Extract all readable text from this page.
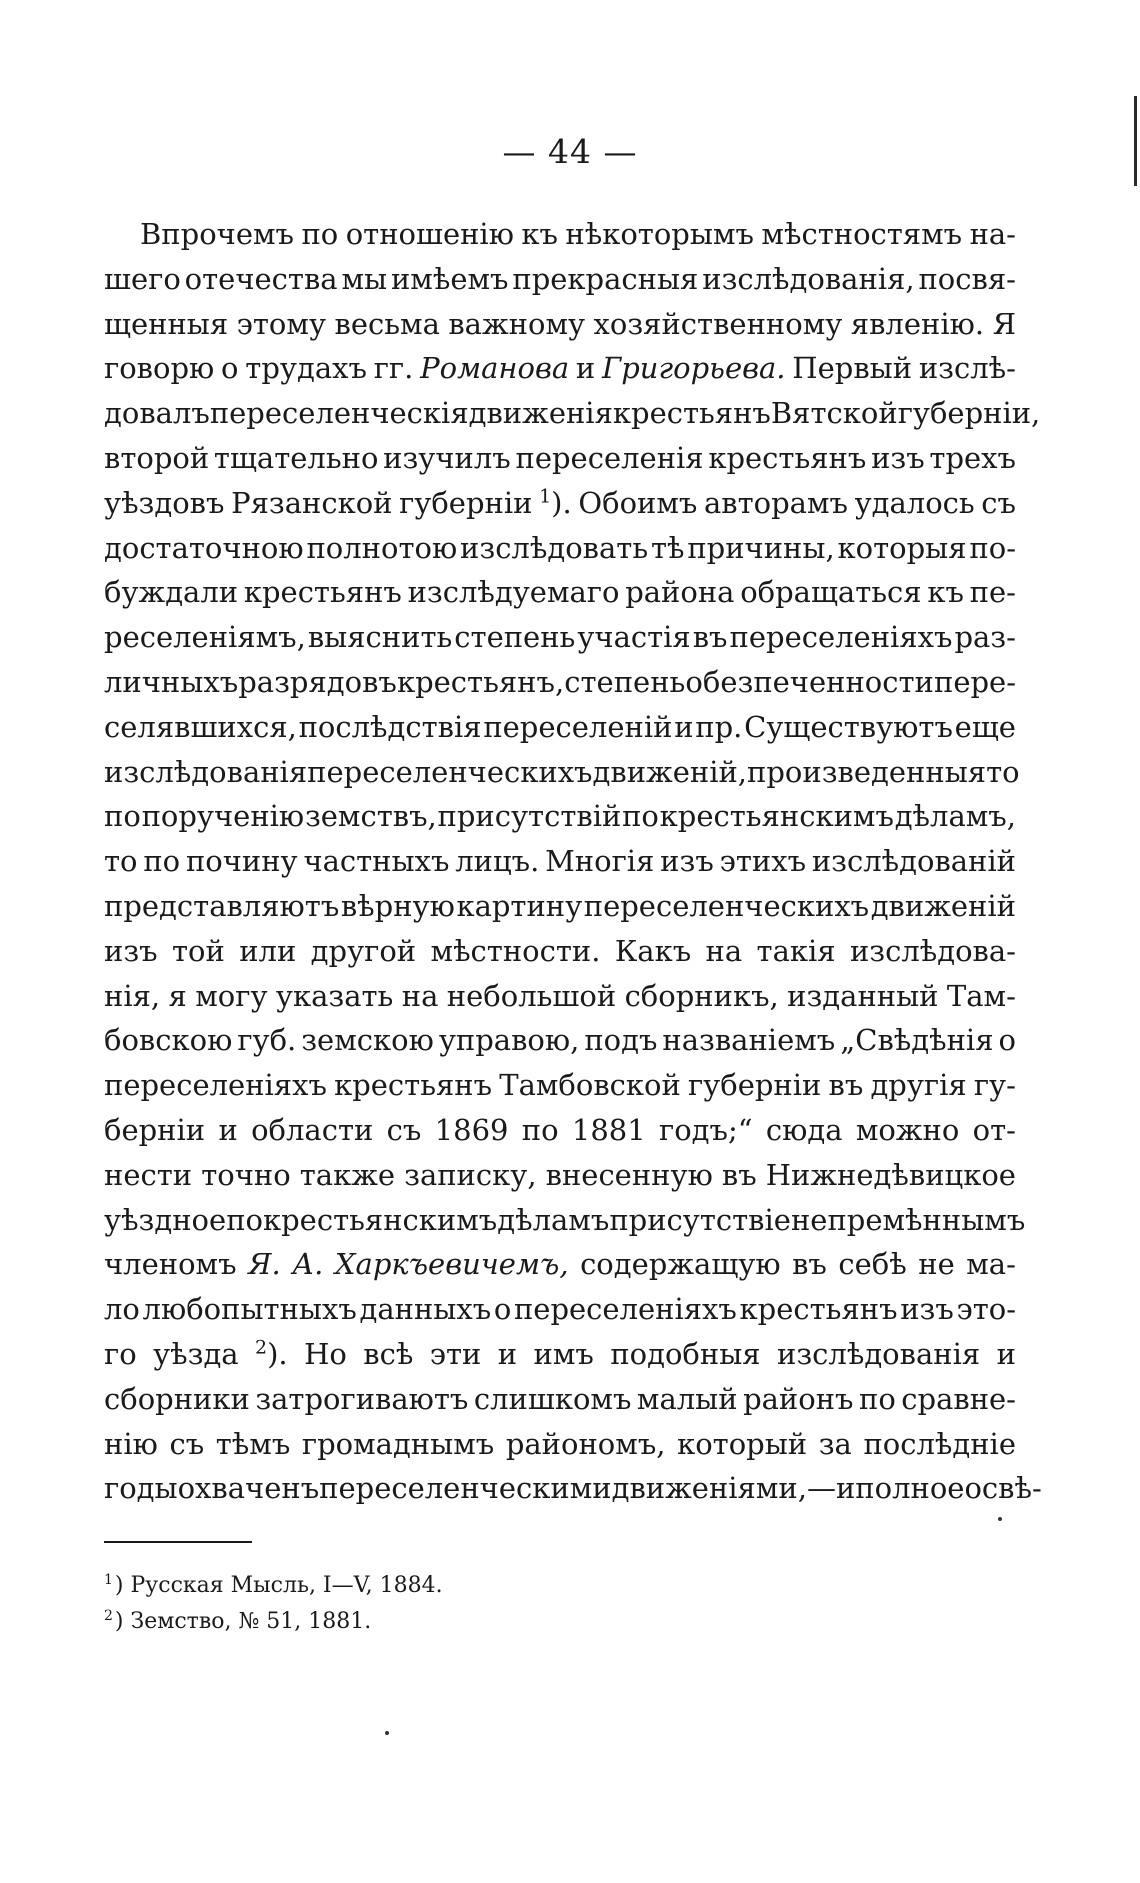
— 44 —
Впрочемъ по отношенію къ нѣкоторымъ мѣстностямъ на-
шего отечества мы имѣемъ прекрасныя изслѣдованія, посвя-
щенныя этому весьма важному хозяйственному явленію. Я
говорю о трудахъ гг. Романова и Григорьева. Первый изслѣ-
довалъ переселенческія движенія крестьянъ Вятской губерніи,
второй тщательно изучилъ переселенія крестьянъ изъ трехъ
уѣздовъ Рязанской губерніи $^1$). Обоимъ авторамъ удалось съ
достаточною полнотою изслѣдовать тѣ причины, которыя по-
буждали крестьянъ изслѣдуемаго района обращаться къ пе-
реселеніямъ, выяснить степень участія въ переселеніяхъ раз-
личныхъ разрядовъ крестьянъ, степень обезпеченности пере-
селявшихся, послѣдствія переселеній и пр. Существуютъ еще
изслѣдованія переселенческихъ движеній, произведенныя то
по порученію земствъ, присутствій по крестьянскимъ дѣламъ,
то по почину частныхъ лицъ. Многія изъ этихъ изслѣдованій
представляютъ вѣрную картину переселенческихъ движеній
изъ той или другой мѣстности. Какъ на такія изслѣдова-
нія, я могу указать на небольшой сборникъ, изданный Там-
бовскою губ. земскою управою, подъ названіемъ „Свѣдѣнія о
переселеніяхъ крестьянъ Тамбовской губерніи въ другія гу-
берніи и области съ 1869 по 1881 годъ;“ сюда можно от-
нести точно также записку, внесенную въ Нижнедѣвицкое
уѣздное по крестьянскимъ дѣламъ присутствіе непремѣннымъ
членомъ Я. А. Харкъевичемъ, содержащую въ себѣ не ма-
ло любопытныхъ данныхъ о переселеніяхъ крестьянъ изъ это-
го уѣзда $^2$). Но всѣ эти и имъ подобныя изслѣдованія и
сборники затрогиваютъ слишкомъ малый районъ по сравне-
нію съ тѣмъ громаднымъ райономъ, который за послѣдніе
годы охваченъ переселенческими движеніями, —и полное освѣ-
$^1$) Русская Мысль, I—V, 1884.
$^2$) Земство, № 51, 1881.
